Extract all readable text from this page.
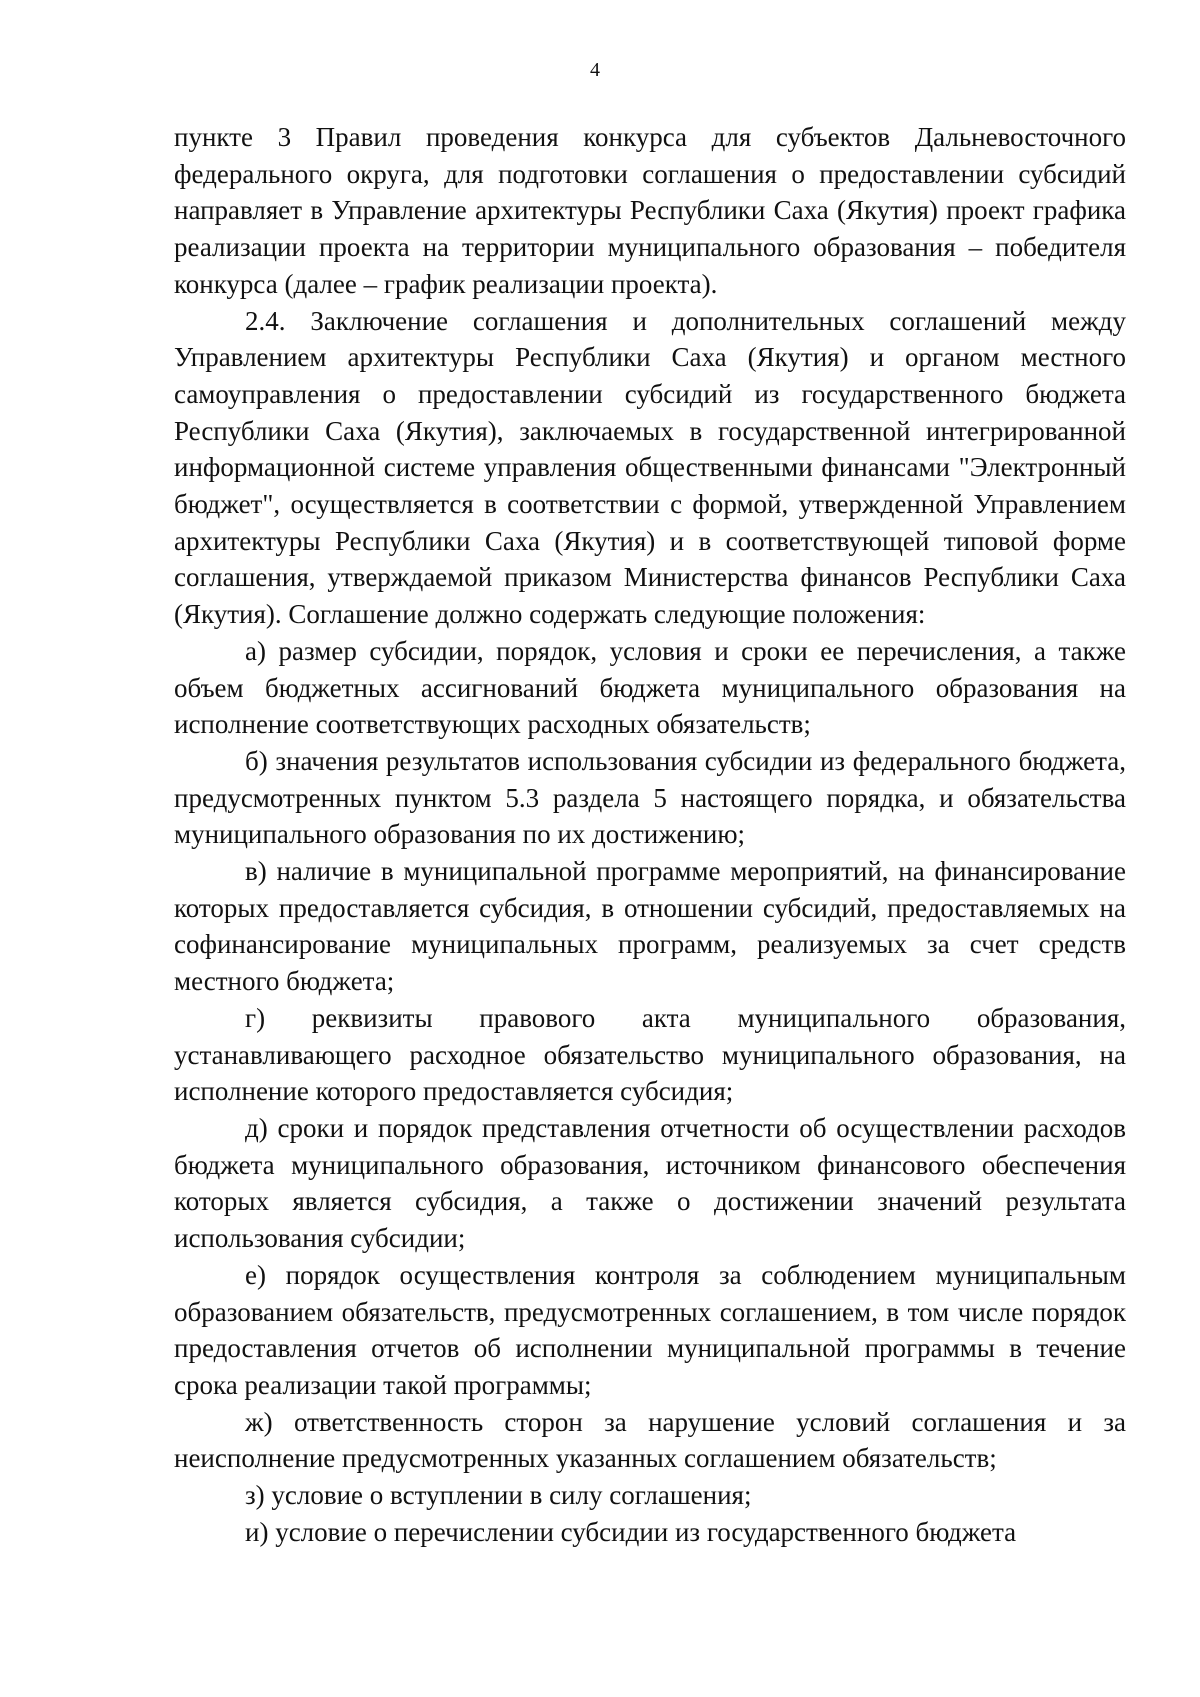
4

пункте 3 Правил проведения конкурса для субъектов Дальневосточного федерального округа, для подготовки соглашения о предоставлении субсидий направляет в Управление архитектуры Республики Саха (Якутия) проект графика реализации проекта на территории муниципального образования – победителя конкурса (далее – график реализации проекта).

2.4. Заключение соглашения и дополнительных соглашений между Управлением архитектуры Республики Саха (Якутия) и органом местного самоуправления о предоставлении субсидий из государственного бюджета Республики Саха (Якутия), заключаемых в государственной интегрированной информационной системе управления общественными финансами "Электронный бюджет", осуществляется в соответствии с формой, утвержденной Управлением архитектуры Республики Саха (Якутия) и в соответствующей типовой форме соглашения, утверждаемой приказом Министерства финансов Республики Саха (Якутия). Соглашение должно содержать следующие положения:

а) размер субсидии, порядок, условия и сроки ее перечисления, а также объем бюджетных ассигнований бюджета муниципального образования на исполнение соответствующих расходных обязательств;

б) значения результатов использования субсидии из федерального бюджета, предусмотренных пунктом 5.3 раздела 5 настоящего порядка, и обязательства муниципального образования по их достижению;

в) наличие в муниципальной программе мероприятий, на финансирование которых предоставляется субсидия, в отношении субсидий, предоставляемых на софинансирование муниципальных программ, реализуемых за счет средств местного бюджета;

г) реквизиты правового акта муниципального образования, устанавливающего расходное обязательство муниципального образования, на исполнение которого предоставляется субсидия;

д) сроки и порядок представления отчетности об осуществлении расходов бюджета муниципального образования, источником финансового обеспечения которых является субсидия, а также о достижении значений результата использования субсидии;

е) порядок осуществления контроля за соблюдением муниципальным образованием обязательств, предусмотренных соглашением, в том числе порядок предоставления отчетов об исполнении муниципальной программы в течение срока реализации такой программы;

ж) ответственность сторон за нарушение условий соглашения и за неисполнение предусмотренных указанных соглашением обязательств;

з) условие о вступлении в силу соглашения;

и) условие о перечислении субсидии из государственного бюджета
